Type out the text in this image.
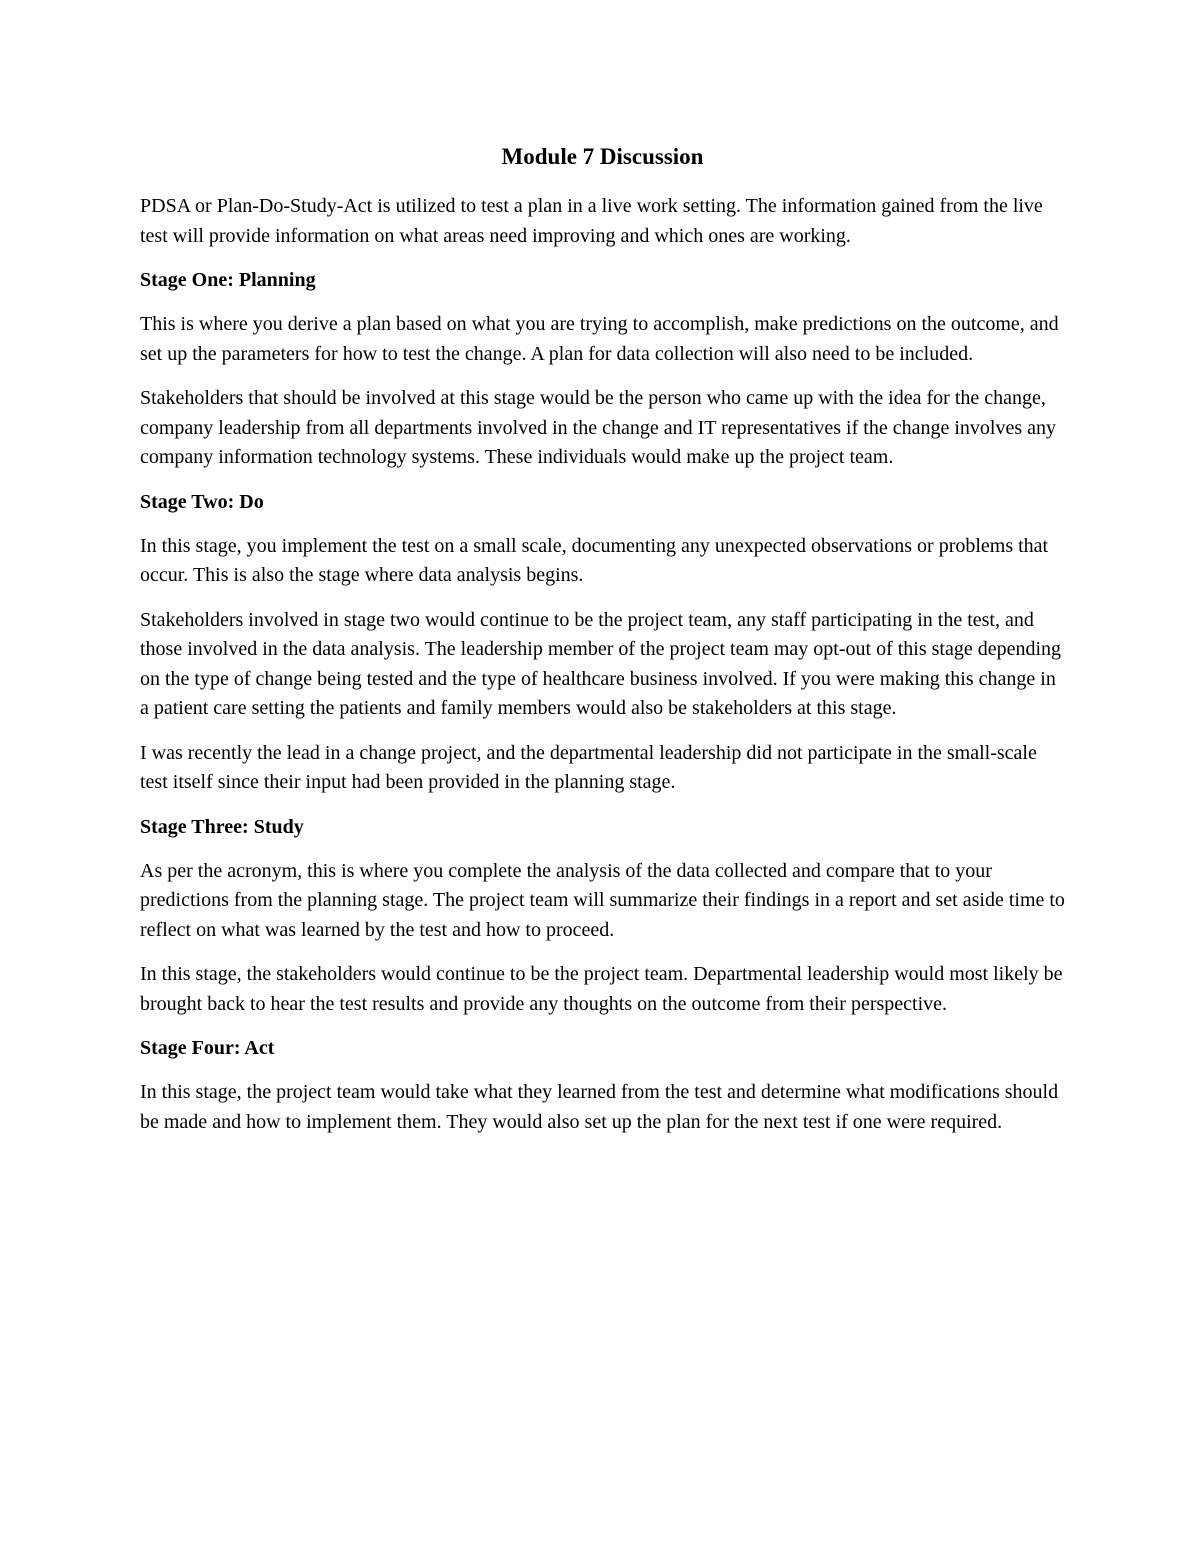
Module 7 Discussion

PDSA or Plan-Do-Study-Act is utilized to test a plan in a live work setting. The information gained from the live test will provide information on what areas need improving and which ones are working.

Stage One: Planning

This is where you derive a plan based on what you are trying to accomplish, make predictions on the outcome, and set up the parameters for how to test the change. A plan for data collection will also need to be included.

Stakeholders that should be involved at this stage would be the person who came up with the idea for the change, company leadership from all departments involved in the change and IT representatives if the change involves any company information technology systems. These individuals would make up the project team.

Stage Two: Do

In this stage, you implement the test on a small scale, documenting any unexpected observations or problems that occur. This is also the stage where data analysis begins.

Stakeholders involved in stage two would continue to be the project team, any staff participating in the test, and those involved in the data analysis. The leadership member of the project team may opt-out of this stage depending on the type of change being tested and the type of healthcare business involved. If you were making this change in a patient care setting the patients and family members would also be stakeholders at this stage.

I was recently the lead in a change project, and the departmental leadership did not participate in the small-scale test itself since their input had been provided in the planning stage.

Stage Three: Study

As per the acronym, this is where you complete the analysis of the data collected and compare that to your predictions from the planning stage. The project team will summarize their findings in a report and set aside time to reflect on what was learned by the test and how to proceed.

In this stage, the stakeholders would continue to be the project team. Departmental leadership would most likely be brought back to hear the test results and provide any thoughts on the outcome from their perspective.

Stage Four: Act

In this stage, the project team would take what they learned from the test and determine what modifications should be made and how to implement them. They would also set up the plan for the next test if one were required.
